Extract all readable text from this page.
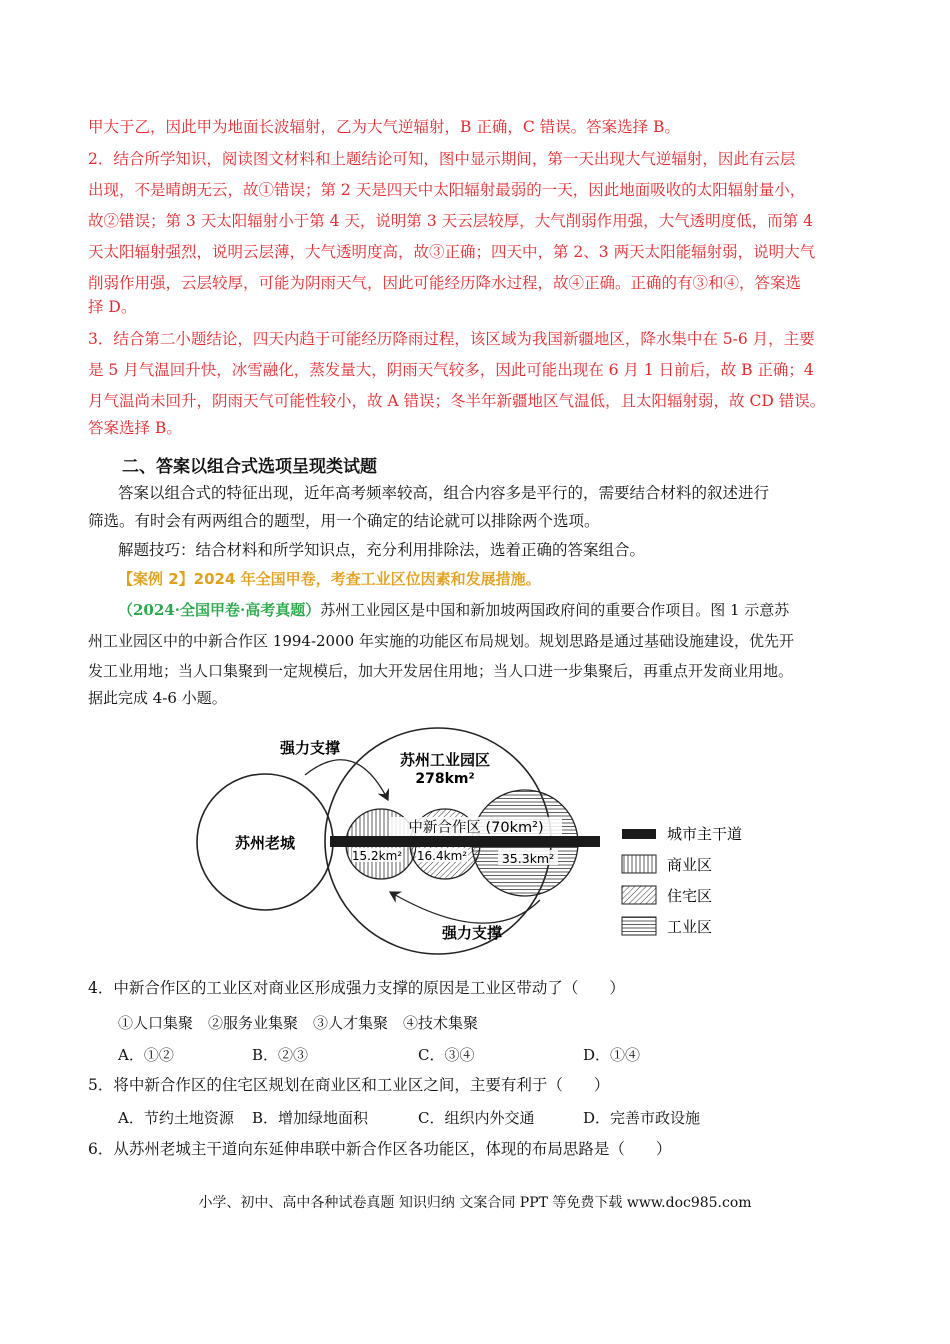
甲大于乙，因此甲为地面长波辐射，乙为大气逆辐射，B 正确，C 错误。答案选择 B。
2．结合所学知识，阅读图文材料和上题结论可知，图中显示期间，第一天出现大气逆辐射，因此有云层
出现，不是晴朗无云，故①错误；第 2 天是四天中太阳辐射最弱的一天，因此地面吸收的太阳辐射量小，
故②错误；第 3 天太阳辐射小于第 4 天，说明第 3 天云层较厚，大气削弱作用强，大气透明度低，而第 4
天太阳辐射强烈，说明云层薄，大气透明度高，故③正确；四天中，第 2、3 两天太阳能辐射弱，说明大气
削弱作用强，云层较厚，可能为阴雨天气，因此可能经历降水过程，故④正确。正确的有③和④，答案选
择 D。
3．结合第二小题结论，四天内趋于可能经历降雨过程，该区域为我国新疆地区，降水集中在 5-6 月，主要
是 5 月气温回升快，冰雪融化，蒸发量大，阴雨天气较多，因此可能出现在 6 月 1 日前后，故 B 正确；4
月气温尚未回升，阴雨天气可能性较小，故 A 错误；冬半年新疆地区气温低，且太阳辐射弱，故 CD 错误。
答案选择 B。
二、答案以组合式选项呈现类试题
答案以组合式的特征出现，近年高考频率较高，组合内容多是平行的，需要结合材料的叙述进行
筛选。有时会有两两组合的题型，用一个确定的结论就可以排除两个选项。
解题技巧：结合材料和所学知识点，充分利用排除法，选着正确的答案组合。
【案例 2】2024 年全国甲卷，考查工业区位因素和发展措施。
（2024·全国甲卷·高考真题）苏州工业园区是中国和新加坡两国政府间的重要合作项目。图 1 示意苏
州工业园区中的中新合作区 1994-2000 年实施的功能区布局规划。规划思路是通过基础设施建设，优先开
发工业用地；当人口集聚到一定规模后，加大开发居住用地；当人口进一步集聚后，再重点开发商业用地。
据此完成 4-6 小题。
苏州老城
苏州工业园区
278km²
中新合作区 (70km²)
15.2km² 16.4km²	35.3km²
强力支撑
强力支撑
城市主干道
商业区
住宅区
工业区
4．中新合作区的工业区对商业区形成强力支撑的原因是工业区带动了（　　）
①人口集聚　②服务业集聚　③人才集聚　④技术集聚
A．①②	B．②③	C．③④	D．①④
5．将中新合作区的住宅区规划在商业区和工业区之间，主要有利于（　　）
A．节约土地资源 B．增加绿地面积	C．组织内外交通	D．完善市政设施
6．从苏州老城主干道向东延伸串联中新合作区各功能区，体现的布局思路是（　　）
小学、初中、高中各种试卷真题 知识归纳 文案合同 PPT 等免费下载 www.doc985.com
